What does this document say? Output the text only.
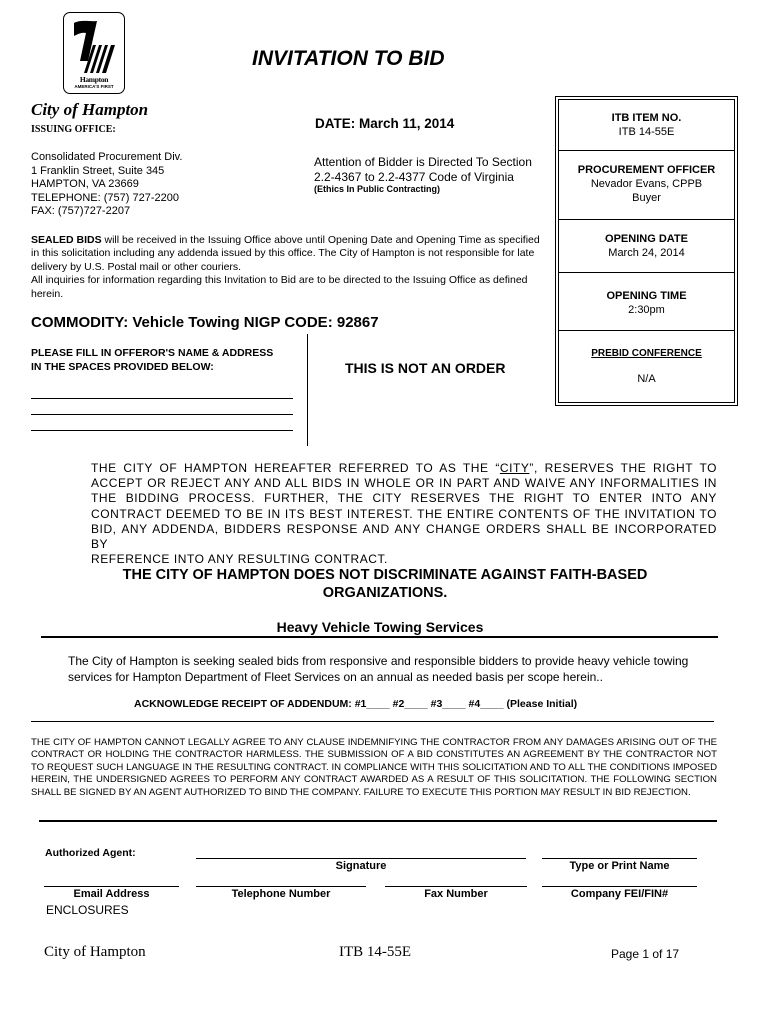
Hampton
AMERICA'S FIRST
INVITATION TO BID
City of Hampton
ISSUING OFFICE:	DATE: March 11, 2014
Consolidated Procurement Div.
1 Franklin Street, Suite 345
HAMPTON, VA 23669
TELEPHONE: (757) 727-2200
FAX: (757)727-2207
Attention of Bidder is Directed To Section
2.2-4367 to 2.2-4377 Code of Virginia
(Ethics In Public Contracting)
SEALED BIDS will be received in the Issuing Office above until Opening Date and Opening Time as specified in this solicitation including any addenda issued by this office. The City of Hampton is not responsible for late delivery by U.S. Postal mail or other couriers.
All inquiries for information regarding this Invitation to Bid are to be directed to the Issuing Office as defined herein.
ITB ITEM NO.
ITB 14-55E
PROCUREMENT OFFICER
Nevador Evans, CPPB
Buyer
OPENING DATE
March 24, 2014
OPENING TIME
2:30pm
PREBID CONFERENCE
N/A
COMMODITY: Vehicle Towing NIGP CODE: 92867
PLEASE FILL IN OFFEROR'S NAME & ADDRESS
IN THE SPACES PROVIDED BELOW:	THIS IS NOT AN ORDER
THE CITY OF HAMPTON HEREAFTER REFERRED TO AS THE “CITY”, RESERVES THE RIGHT TO ACCEPT OR REJECT ANY AND ALL BIDS IN WHOLE OR IN PART AND WAIVE ANY INFORMALITIES IN THE BIDDING PROCESS. FURTHER, THE CITY RESERVES THE RIGHT TO ENTER INTO ANY CONTRACT DEEMED TO BE IN ITS BEST INTEREST. THE ENTIRE CONTENTS OF THE INVITATION TO BID, ANY ADDENDA, BIDDERS RESPONSE AND ANY CHANGE ORDERS SHALL BE INCORPORATED BY
REFERENCE INTO ANY RESULTING CONTRACT.
THE CITY OF HAMPTON DOES NOT DISCRIMINATE AGAINST FAITH-BASED
ORGANIZATIONS.
Heavy Vehicle Towing Services
The City of Hampton is seeking sealed bids from responsive and responsible bidders to provide heavy vehicle towing services for Hampton Department of Fleet Services on an annual as needed basis per scope herein..
ACKNOWLEDGE RECEIPT OF ADDENDUM: #1____ #2____ #3____ #4____ (Please Initial)
THE CITY OF HAMPTON CANNOT LEGALLY AGREE TO ANY CLAUSE INDEMNIFYING THE CONTRACTOR FROM ANY DAMAGES ARISING OUT OF THE CONTRACT OR HOLDING THE CONTRACTOR HARMLESS. THE SUBMISSION OF A BID CONSTITUTES AN AGREEMENT BY THE CONTRACTOR NOT TO REQUEST SUCH LANGUAGE IN THE RESULTING CONTRACT. IN COMPLIANCE WITH THIS SOLICITATION AND TO ALL THE CONDITIONS IMPOSED HEREIN, THE UNDERSIGNED AGREES TO PERFORM ANY CONTRACT AWARDED AS A RESULT OF THIS SOLICITATION. THE FOLLOWING SECTION SHALL BE SIGNED BY AN AGENT AUTHORIZED TO BIND THE COMPANY. FAILURE TO EXECUTE THIS PORTION MAY RESULT IN BID REJECTION.
Authorized Agent:
Signature	Type or Print Name
Email Address	Telephone Number	Fax Number	Company FEI/FIN#
ENCLOSURES
City of Hampton	ITB 14-55E	Page 1 of 17
